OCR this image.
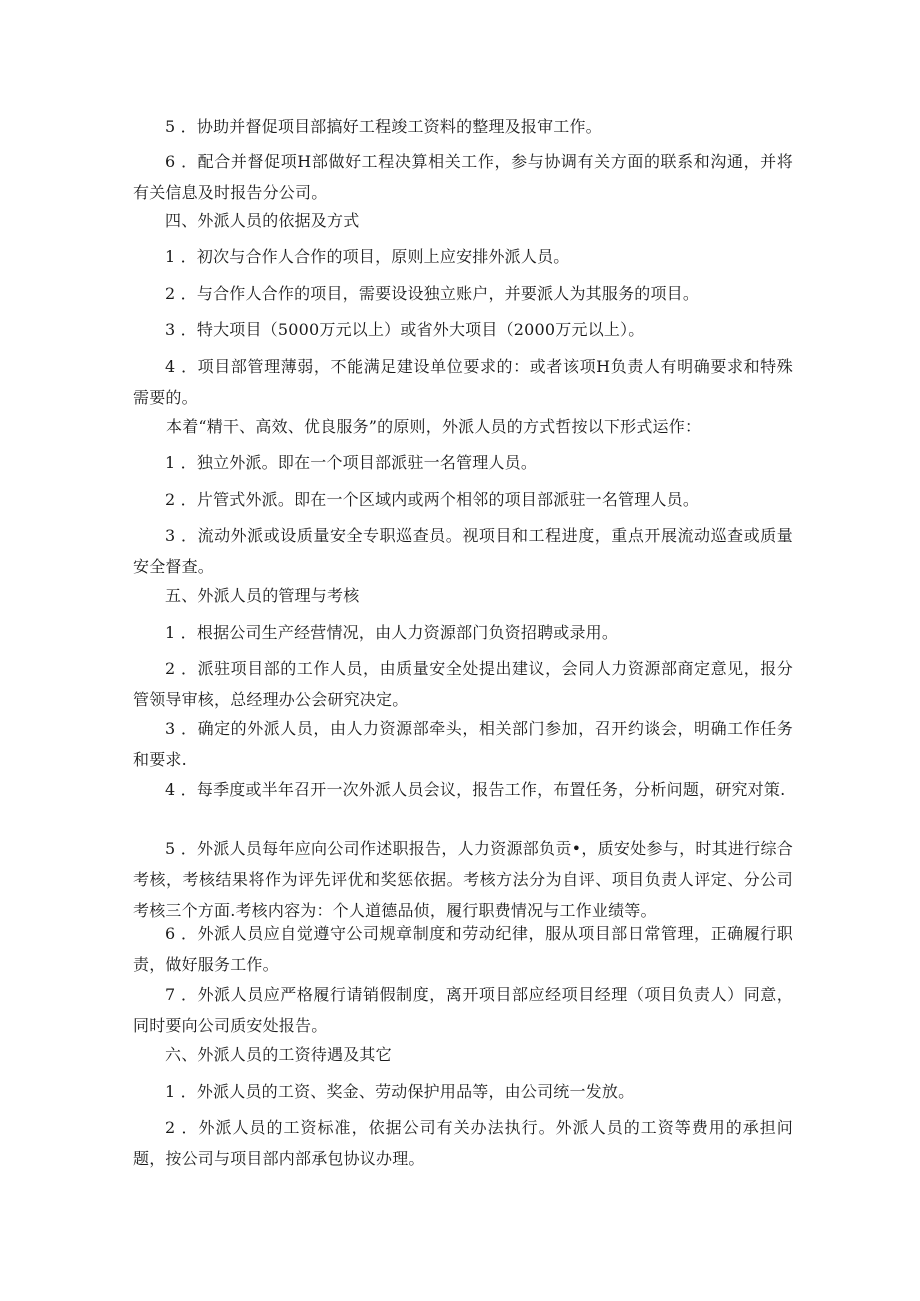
5 ．协助并督促项目部搞好工程竣工资料的整理及报审工作。
6 ．配合并督促项H部做好工程决算相关工作，参与协调有关方面的联系和沟通，并将有关信息及时报告分公司。
四、外派人员的依据及方式
1 ．初次与合作人合作的项目，原则上应安排外派人员。
2 ．与合作人合作的项目，需要设设独立账户，并要派人为其服务的项目。
3 ．特大项目（5000万元以上）或省外大项目（2000万元以上）。
4 ．项目部管理薄弱，不能满足建设单位要求的：或者该项H负责人有明确要求和特殊需要的。
本着“精干、高效、优良服务”的原则，外派人员的方式哲按以下形式运作：
1 ．独立外派。即在一个项目部派驻一名管理人员。
2 ．片管式外派。即在一个区域内或两个相邻的项目部派驻一名管理人员。
3 ．流动外派或设质量安全专职巡查员。视项目和工程进度，重点开展流动巡查或质量安全督查。
五、外派人员的管理与考核
1 ．根据公司生产经营情况，由人力资源部门负资招聘或录用。
2 ．派驻项目部的工作人员，由质量安全处提出建议，会同人力资源部商定意见，报分管领导审核，总经理办公会研究决定。
3 ．确定的外派人员，由人力资源部牵头，相关部门参加，召开约谈会，明确工作任务和要求.
4 ．每季度或半年召开一次外派人员会议，报告工作，布置任务，分析问题，研究对策.
5 ．外派人员每年应向公司作述职报告，人力资源部负贡•，质安处参与，时其进行综合考核，考核结果将作为评先评优和奖惩依据。考核方法分为自评、项目负责人评定、分公司考核三个方面.考核内容为：个人道德品侦，履行职费情况与工作业绩等。
6 ．外派人员应自觉遵守公司规章制度和劳动纪律，服从项目部日常管理，正确履行职责，做好服务工作。
7 ．外派人员应严格履行请销假制度，离开项目部应经项目经理（项目负责人）同意，同时要向公司质安处报告。
六、外派人员的工资待遇及其它
1 ．外派人员的工资、奖金、劳动保护用品等，由公司统一发放。
2 ．外派人员的工资标准，依据公司有关办法执行。外派人员的工资等费用的承担问题，按公司与项目部内部承包协议办理。
